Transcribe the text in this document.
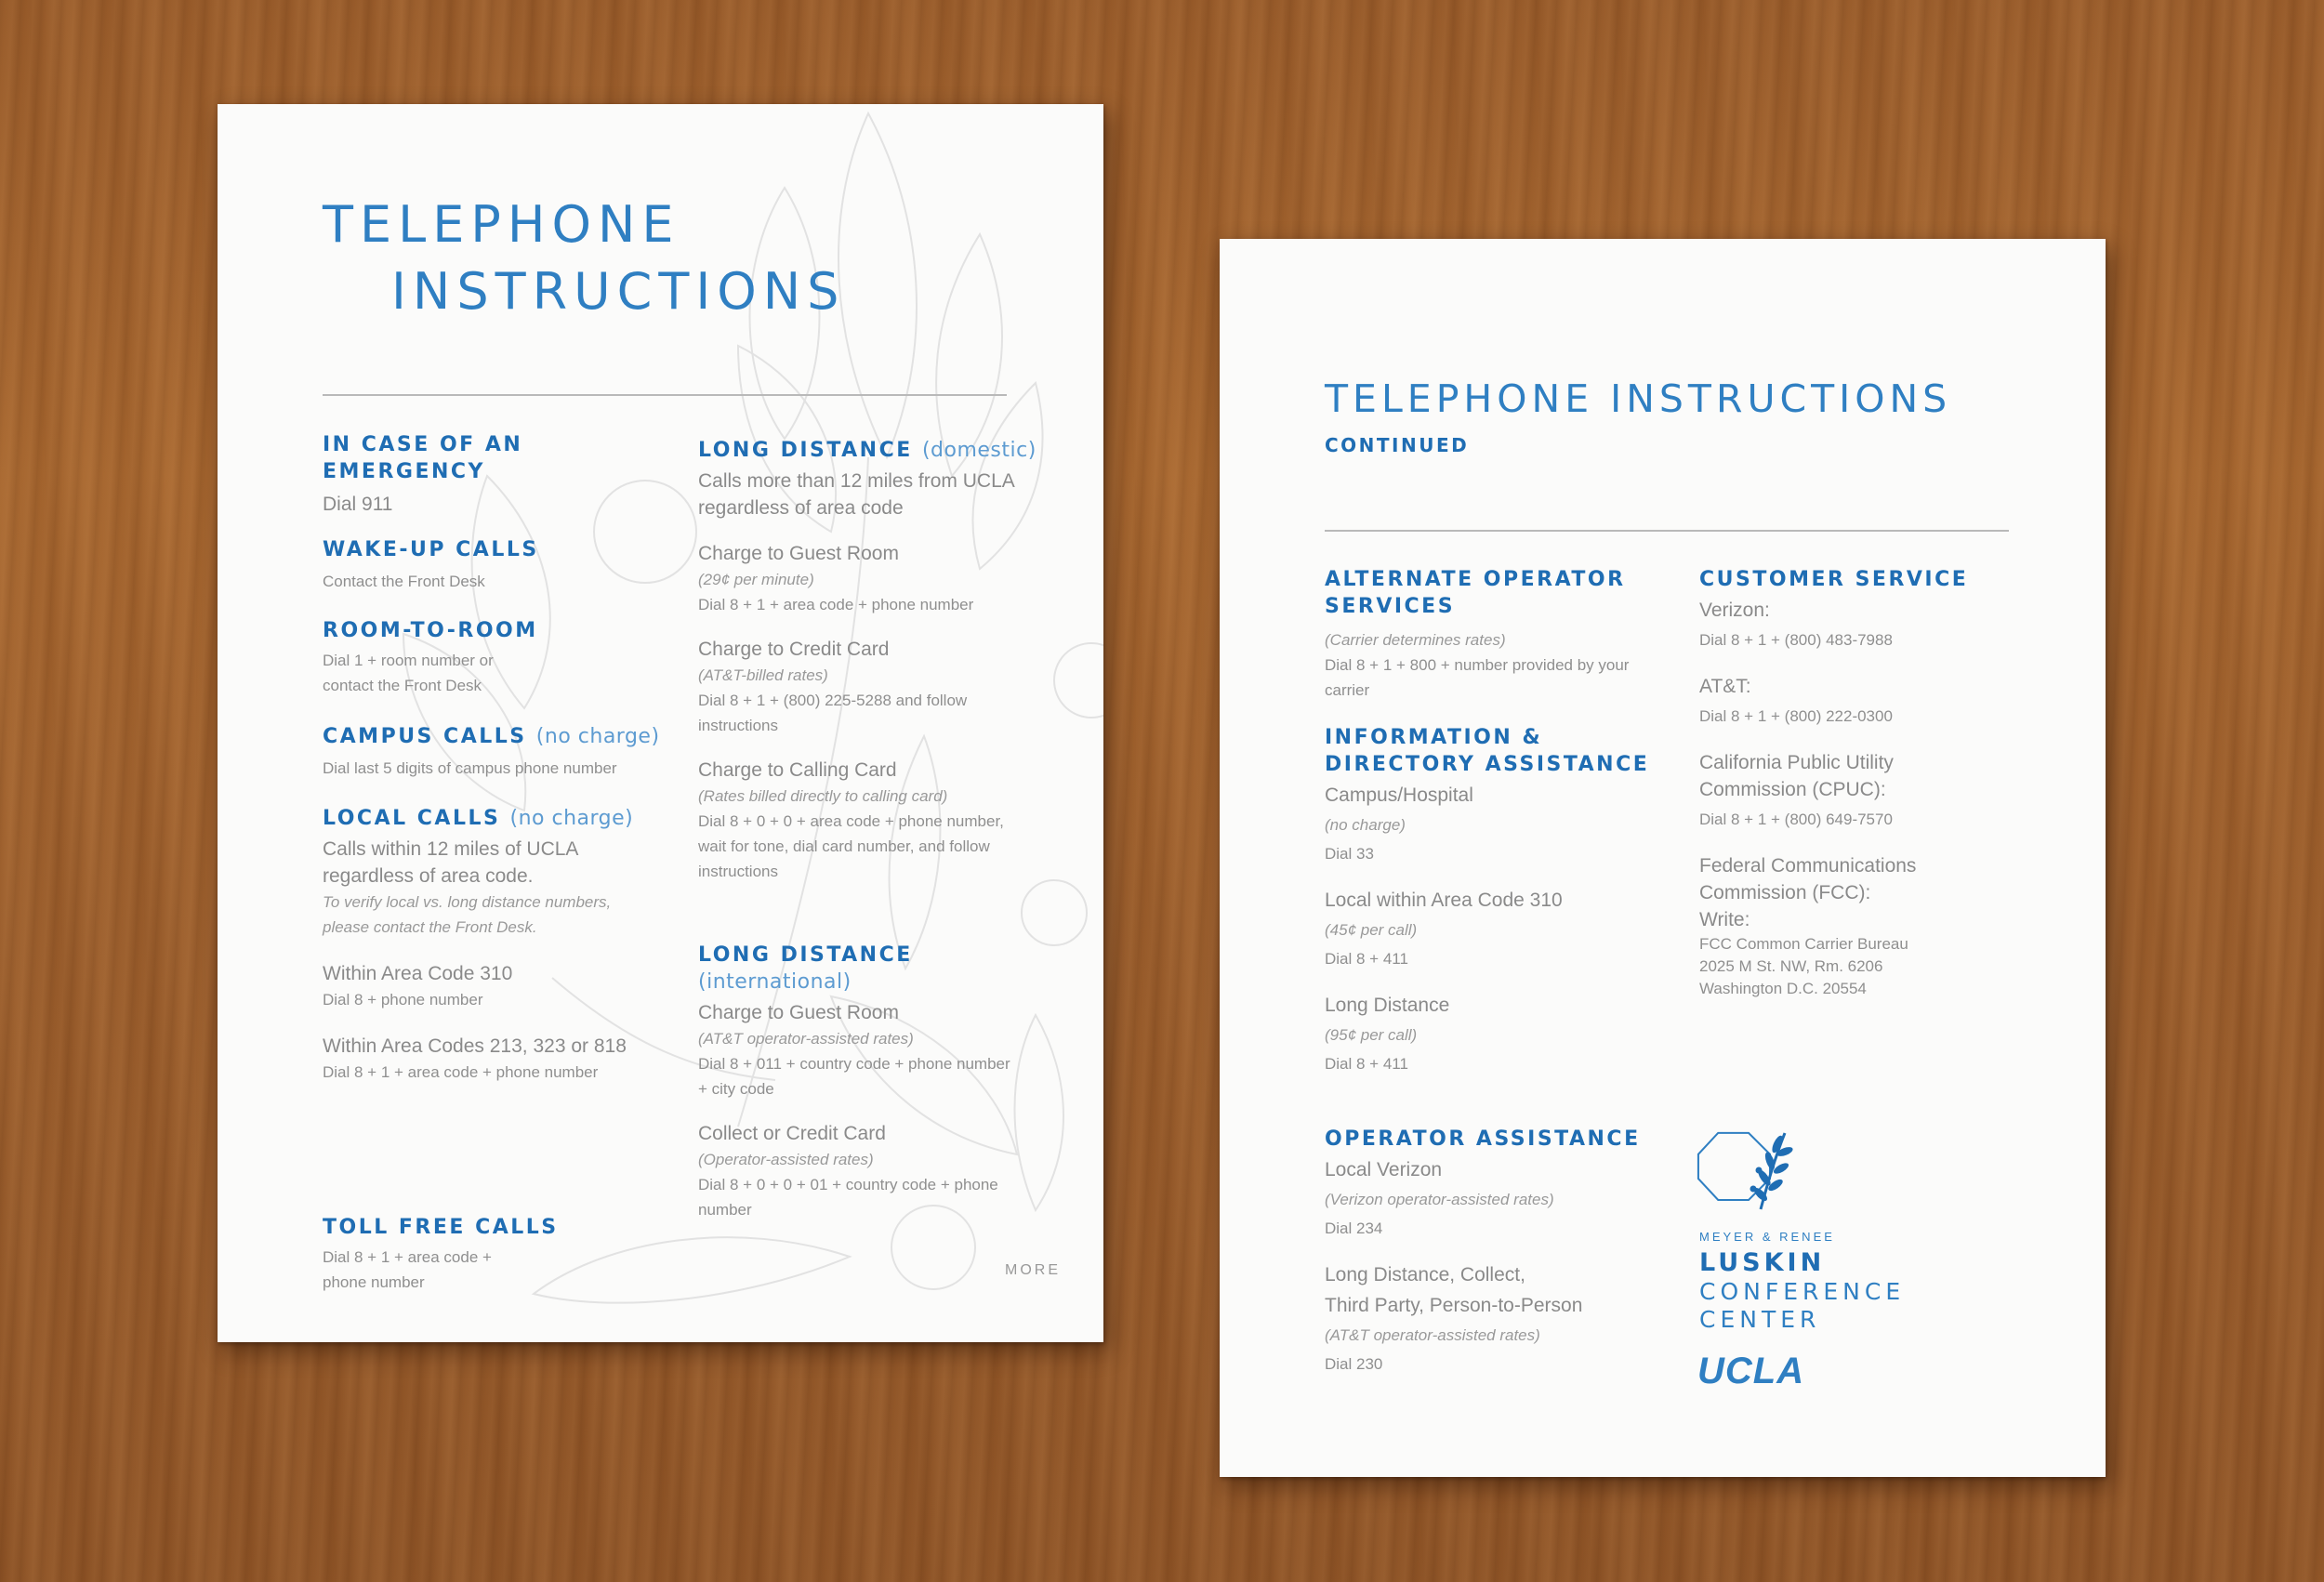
TELEPHONE
INSTRUCTIONS

IN CASE OF AN EMERGENCY

Dial 911

WAKE-UP CALLS

Contact the Front Desk

ROOM-TO-ROOM

Dial 1 + room number or

contact the Front Desk

CAMPUS CALLS (no charge)

Dial last 5 digits of campus phone number

LOCAL CALLS (no charge)

Calls within 12 miles of UCLA

regardless of area code.

To verify local vs. long distance numbers,

please contact the Front Desk.

Within Area Code 310

Dial 8 + phone number

Within Area Codes 213, 323 or 818

Dial 8 + 1 + area code + phone number

TOLL FREE CALLS

Dial 8 + 1 + area code +

phone number

LONG DISTANCE (domestic)

Calls more than 12 miles from UCLA

regardless of area code

Charge to Guest Room

(29¢ per minute)

Dial 8 + 1 + area code + phone number

Charge to Credit Card

(AT&T-billed rates)

Dial 8 + 1 + (800) 225-5288 and follow

instructions

Charge to Calling Card

(Rates billed directly to calling card)

Dial 8 + 0 + 0 + area code + phone number,

wait for tone, dial card number, and follow

instructions

LONG DISTANCE (international)

Charge to Guest Room

(AT&T operator-assisted rates)

Dial 8 + 011 + country code + phone number

+ city code

Collect or Credit Card

(Operator-assisted rates)

Dial 8 + 0 + 0 + 01 + country code + phone

number

MORE
TELEPHONE INSTRUCTIONS

CONTINUED

ALTERNATE OPERATOR

SERVICES

(Carrier determines rates)

Dial 8 + 1 + 800 + number provided by your

carrier

INFORMATION &

DIRECTORY ASSISTANCE

Campus/Hospital

(no charge)

Dial 33

Local within Area Code 310

(45¢ per call)

Dial 8 + 411

Long Distance

(95¢ per call)

Dial 8 + 411

OPERATOR ASSISTANCE

Local Verizon

(Verizon operator-assisted rates)

Dial 234

Long Distance, Collect,

Third Party, Person-to-Person

(AT&T operator-assisted rates)

Dial 230

CUSTOMER SERVICE

Verizon:

Dial 8 + 1 + (800) 483-7988

AT&T:

Dial 8 + 1 + (800) 222-0300

California Public Utility

Commission (CPUC):

Dial 8 + 1 + (800) 649-7570

Federal Communications

Commission (FCC):

Write:

FCC Common Carrier Bureau

2025 M St. NW, Rm. 6206

Washington D.C. 20554

MEYER & RENEE

LUSKIN

CONFERENCE

CENTER

UCLA
